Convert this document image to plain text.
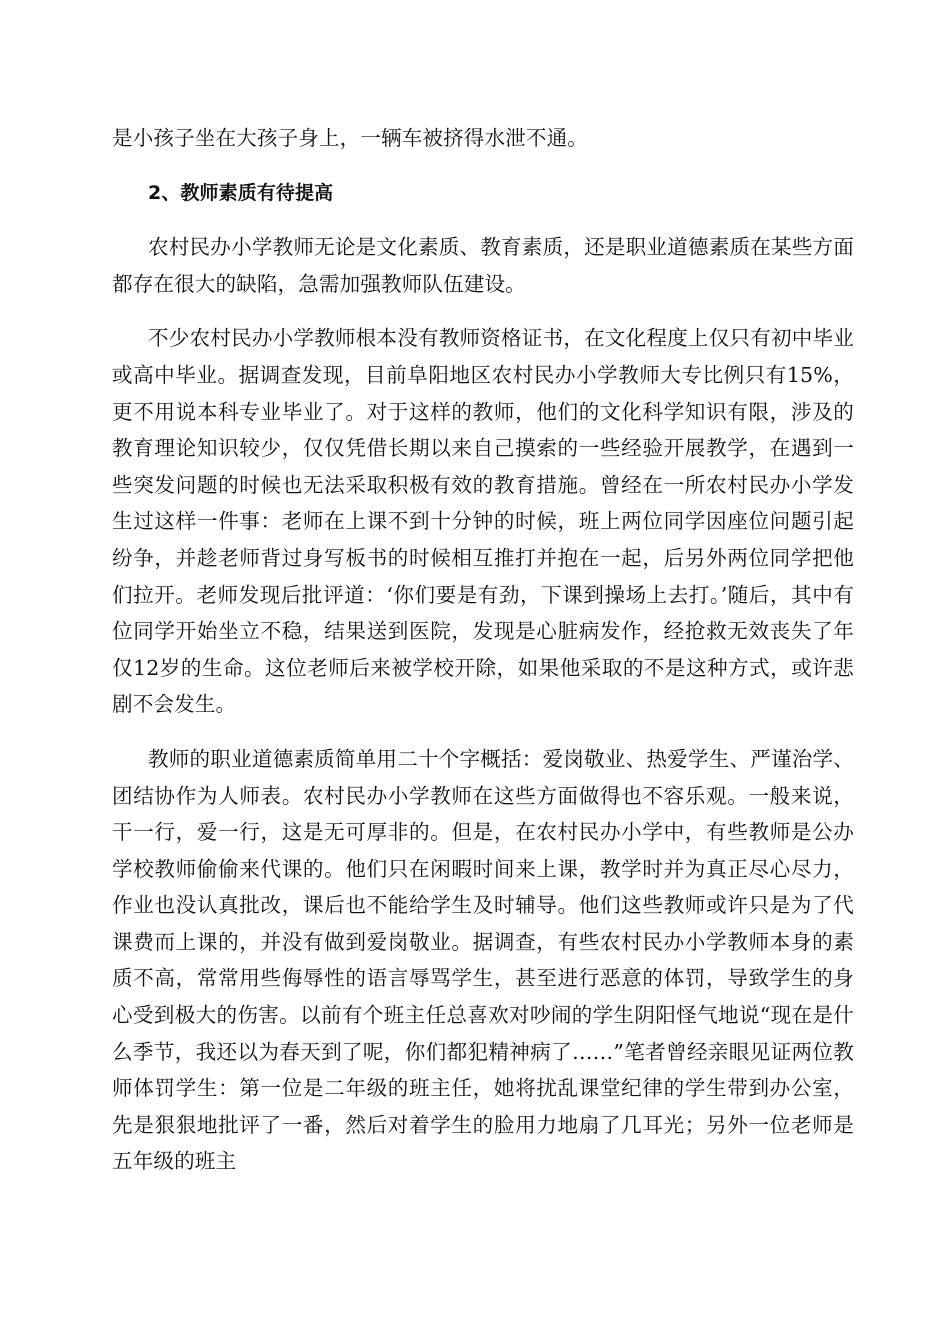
是小孩子坐在大孩子身上，一辆车被挤得水泄不通。

2、教师素质有待提高

农村民办小学教师无论是文化素质、教育素质，还是职业道德素质在某些方面都存在很大的缺陷，急需加强教师队伍建设。

不少农村民办小学教师根本没有教师资格证书，在文化程度上仅只有初中毕业或高中毕业。据调查发现，目前阜阳地区农村民办小学教师大专比例只有15%，更不用说本科专业毕业了。对于这样的教师，他们的文化科学知识有限，涉及的教育理论知识较少，仅仅凭借长期以来自己摸索的一些经验开展教学，在遇到一些突发问题的时候也无法采取积极有效的教育措施。曾经在一所农村民办小学发生过这样一件事：老师在上课不到十分钟的时候，班上两位同学因座位问题引起纷争，并趁老师背过身写板书的时候相互推打并抱在一起，后另外两位同学把他们拉开。老师发现后批评道：‘你们要是有劲，下课到操场上去打。’随后，其中有位同学开始坐立不稳，结果送到医院，发现是心脏病发作，经抢救无效丧失了年仅12岁的生命。这位老师后来被学校开除，如果他采取的不是这种方式，或许悲剧不会发生。

教师的职业道德素质简单用二十个字概括：爱岗敬业、热爱学生、严谨治学、团结协作为人师表。农村民办小学教师在这些方面做得也不容乐观。一般来说，干一行，爱一行，这是无可厚非的。但是，在农村民办小学中，有些教师是公办学校教师偷偷来代课的。他们只在闲暇时间来上课，教学时并为真正尽心尽力，作业也没认真批改，课后也不能给学生及时辅导。他们这些教师或许只是为了代课费而上课的，并没有做到爱岗敬业。据调查，有些农村民办小学教师本身的素质不高，常常用些侮辱性的语言辱骂学生，甚至进行恶意的体罚，导致学生的身心受到极大的伤害。以前有个班主任总喜欢对吵闹的学生阴阳怪气地说“现在是什么季节，我还以为春天到了呢，你们都犯精神病了……”笔者曾经亲眼见证两位教师体罚学生：第一位是二年级的班主任，她将扰乱课堂纪律的学生带到办公室，先是狠狠地批评了一番，然后对着学生的脸用力地扇了几耳光；另外一位老师是五年级的班主
